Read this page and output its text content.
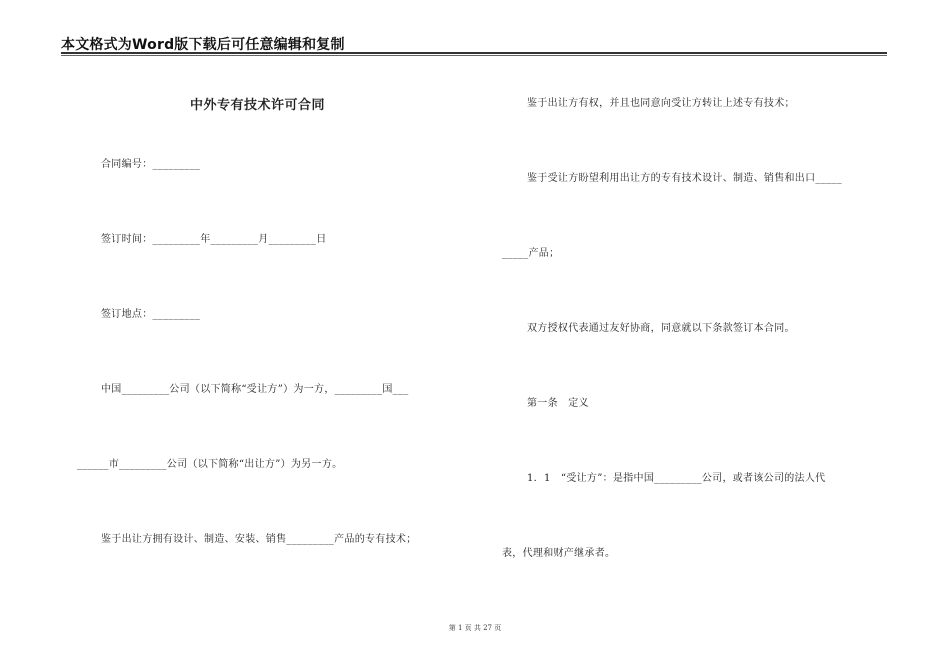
本文格式为Word版下载后可任意编辑和复制
中外专有技术许可合同
合同编号：_________
签订时间：_________年_________月_________日
签订地点：_________
中国_________公司（以下简称“受让方”）为一方，_________国___
______市_________公司（以下简称“出让方”）为另一方。
鉴于出让方拥有设计、制造、安装、销售_________产品的专有技术；
鉴于出让方有权，并且也同意向受让方转让上述专有技术；
鉴于受让方盼望利用出让方的专有技术设计、制造、销售和出口_____
_____产品；
双方授权代表通过友好协商，同意就以下条款签订本合同。
第一条　定义
1．1　“受让方”：是指中国_________公司，或者该公司的法人代
表，代理和财产继承者。
第 1 页 共 27 页
